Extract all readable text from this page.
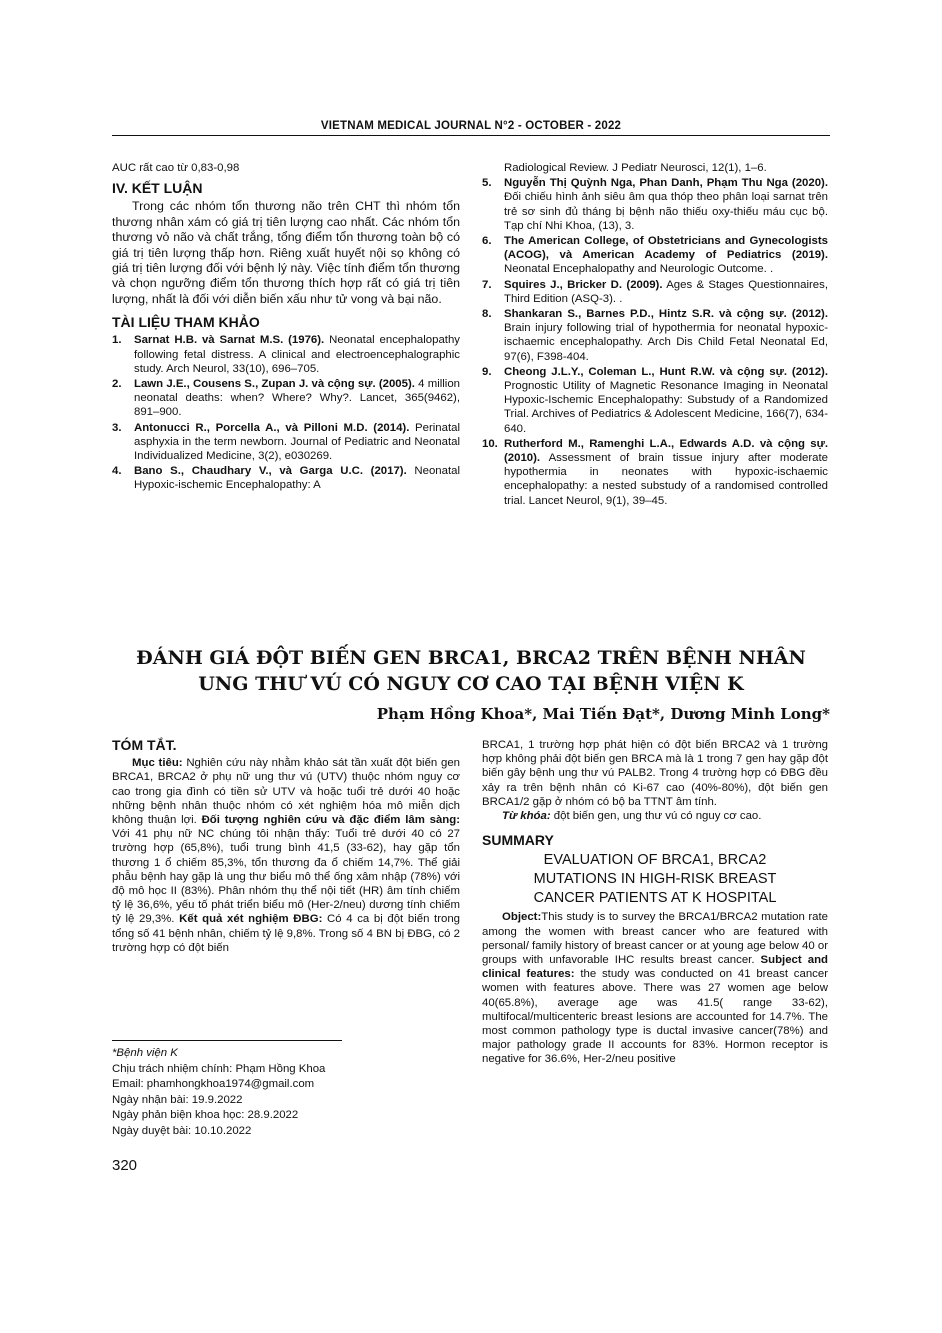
VIETNAM MEDICAL JOURNAL N°2 - OCTOBER - 2022
AUC rất cao từ 0,83-0,98
IV. KẾT LUẬN
Trong các nhóm tổn thương não trên CHT thì nhóm tổn thương nhân xám có giá trị tiên lượng cao nhất. Các nhóm tổn thương vỏ não và chất trắng, tổng điểm tổn thương toàn bộ có giá trị tiên lượng thấp hơn. Riêng xuất huyết nội sọ không có giá trị tiên lượng đối với bệnh lý này. Việc tính điểm tổn thương và chọn ngưỡng điểm tổn thương thích hợp rất có giá trị tiên lượng, nhất là đối với diễn biến xấu như tử vong và bại não.
TÀI LIỆU THAM KHẢO
1. Sarnat H.B. và Sarnat M.S. (1976). Neonatal encephalopathy following fetal distress. A clinical and electroencephalographic study. Arch Neurol, 33(10), 696–705.
2. Lawn J.E., Cousens S., Zupan J. và cộng sự. (2005). 4 million neonatal deaths: when? Where? Why?. Lancet, 365(9462), 891–900.
3. Antonucci R., Porcella A., và Pilloni M.D. (2014). Perinatal asphyxia in the term newborn. Journal of Pediatric and Neonatal Individualized Medicine, 3(2), e030269.
4. Bano S., Chaudhary V., và Garga U.C. (2017). Neonatal Hypoxic-ischemic Encephalopathy: A
Radiological Review. J Pediatr Neurosci, 12(1), 1–6.
5. Nguyễn Thị Quỳnh Nga, Phan Danh, Phạm Thu Nga (2020). Đối chiếu hình ảnh siêu âm qua thóp theo phân loại sarnat trên trẻ sơ sinh đủ tháng bị bệnh não thiếu oxy-thiếu máu cục bộ. Tạp chí Nhi Khoa, (13), 3.
6. The American College, of Obstetricians and Gynecologists (ACOG), và American Academy of Pediatrics (2019). Neonatal Encephalopathy and Neurologic Outcome. .
7. Squires J., Bricker D. (2009). Ages & Stages Questionnaires, Third Edition (ASQ-3). .
8. Shankaran S., Barnes P.D., Hintz S.R. và cộng sự. (2012). Brain injury following trial of hypothermia for neonatal hypoxic-ischaemic encephalopathy. Arch Dis Child Fetal Neonatal Ed, 97(6), F398-404.
9. Cheong J.L.Y., Coleman L., Hunt R.W. và cộng sự. (2012). Prognostic Utility of Magnetic Resonance Imaging in Neonatal Hypoxic-Ischemic Encephalopathy: Substudy of a Randomized Trial. Archives of Pediatrics & Adolescent Medicine, 166(7), 634-640.
10. Rutherford M., Ramenghi L.A., Edwards A.D. và cộng sự. (2010). Assessment of brain tissue injury after moderate hypothermia in neonates with hypoxic-ischaemic encephalopathy: a nested substudy of a randomised controlled trial. Lancet Neurol, 9(1), 39–45.
ĐÁNH GIÁ ĐỘT BIẾN GEN BRCA1, BRCA2 TRÊN BỆNH NHÂN
UNG THƯ VÚ CÓ NGUY CƠ CAO TẠI BỆNH VIỆN K
Phạm Hồng Khoa*, Mai Tiến Đạt*, Dương Minh Long*
TÓM TẮT.
Mục tiêu: Nghiên cứu này nhằm khảo sát tần xuất đột biến gen BRCA1, BRCA2 ở phụ nữ ung thư vú (UTV) thuộc nhóm nguy cơ cao trong gia đình có tiền sử UTV và hoặc tuổi trẻ dưới 40 hoặc những bệnh nhân thuộc nhóm có xét nghiệm hóa mô miễn dịch không thuận lợi. Đối tượng nghiên cứu và đặc điểm lâm sàng: Với 41 phụ nữ NC chúng tôi nhận thấy: Tuổi trẻ dưới 40 có 27 trường hợp (65,8%), tuổi trung bình 41,5 (33-62), hay gặp tổn thương 1 ổ chiếm 85,3%, tổn thương đa ổ chiếm 14,7%. Thể giải phẫu bệnh hay gặp là ung thư biểu mô thể ống xâm nhập (78%) với độ mô học II (83%). Phân nhóm thụ thể nội tiết (HR) âm tính chiếm tỷ lệ 36,6%, yếu tố phát triển biểu mô (Her-2/neu) dương tính chiếm tỷ lệ 29,3%. Kết quả xét nghiệm ĐBG: Có 4 ca bị đột biến trong tổng số 41 bệnh nhân, chiếm tỷ lệ 9,8%. Trong số 4 BN bị ĐBG, có 2 trường hợp có đột biến
BRCA1, 1 trường hợp phát hiện có đột biến BRCA2 và 1 trường hợp không phải đột biến gen BRCA mà là 1 trong 7 gen hay gặp đột biến gây bệnh ung thư vú PALB2. Trong 4 trường hợp có ĐBG đều xảy ra trên bệnh nhân có Ki-67 cao (40%-80%), đột biến gen BRCA1/2 gặp ở nhóm có bộ ba TTNT âm tính.
Từ khóa: đột biến gen, ung thư vú có nguy cơ cao.
SUMMARY
EVALUATION OF BRCA1, BRCA2
MUTATIONS IN HIGH-RISK BREAST
CANCER PATIENTS AT K HOSPITAL
Object:This study is to survey the BRCA1/BRCA2 mutation rate among the women with breast cancer who are featured with personal/ family history of breast cancer or at young age below 40 or groups with unfavorable IHC results breast cancer. Subject and clinical features: the study was conducted on 41 breast cancer women with features above. There was 27 women age below 40(65.8%), average age was 41.5( range 33-62), multifocal/multicenteric breast lesions are accounted for 14.7%. The most common pathology type is ductal invasive cancer(78%) and major pathology grade II accounts for 83%. Hormon receptor is negative for 36.6%, Her-2/neu positive
*Bệnh viện K
Chịu trách nhiệm chính: Phạm Hồng Khoa
Email: phamhongkhoa1974@gmail.com
Ngày nhận bài: 19.9.2022
Ngày phản biện khoa học: 28.9.2022
Ngày duyệt bài: 10.10.2022
320
